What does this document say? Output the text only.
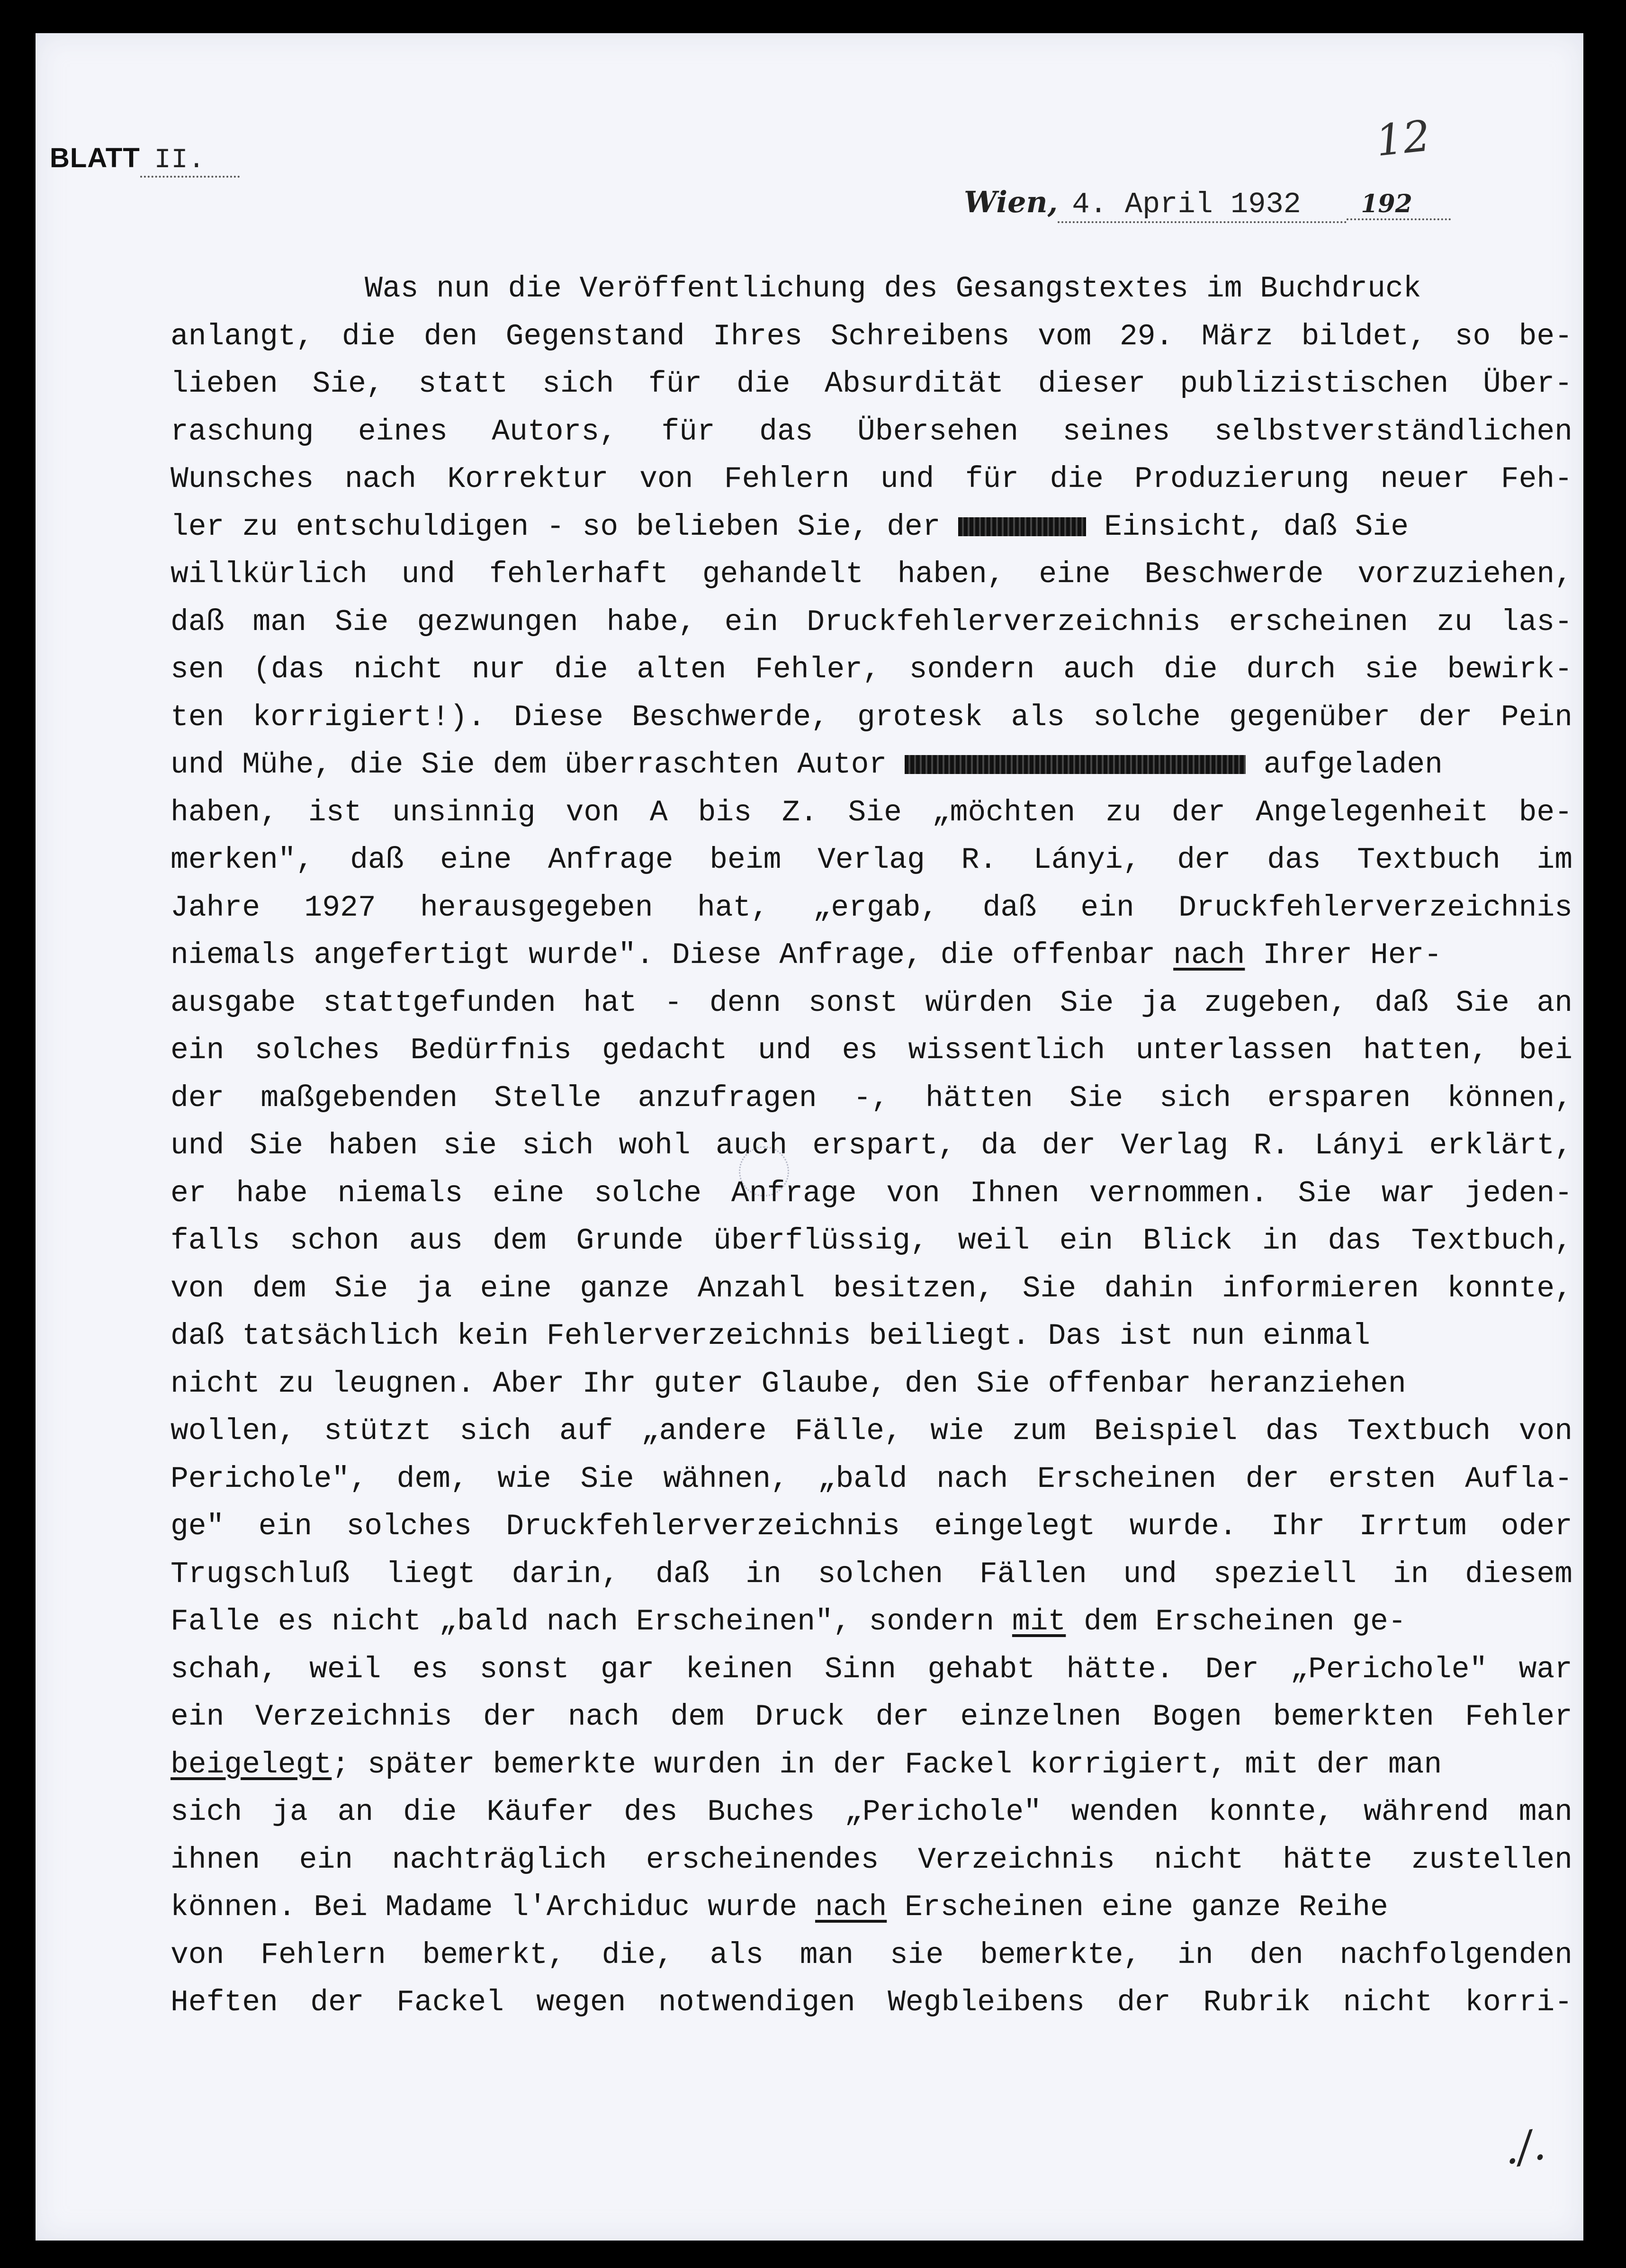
BLATT II.	12
Wien, 4. April 1932 192
Was nun die Veröffentlichung des Gesangstextes im Buchdruck
anlangt, die den Gegenstand Ihres Schreibens vom 29. März bildet, so be-
lieben Sie, statt sich für die Absurdität dieser publizistischen Über-
raschung eines Autors, für das Übersehen seines selbstverständlichen
Wunsches nach Korrektur von Fehlern und für die Produzierung neuer Feh-
ler zu entschuldigen - so belieben Sie, der	Einsicht, daß Sie
willkürlich und fehlerhaft gehandelt haben, eine Beschwerde vorzuziehen,
daß man Sie gezwungen habe, ein Druckfehlerverzeichnis erscheinen zu las-
sen (das nicht nur die alten Fehler, sondern auch die durch sie bewirk-
ten korrigiert!). Diese Beschwerde, grotesk als solche gegenüber der Pein
und Mühe, die Sie dem überraschten Autor	aufgeladen
haben, ist unsinnig von A bis Z. Sie „möchten zu der Angelegenheit be-
merken", daß eine Anfrage beim Verlag R. Lányi, der das Textbuch im
Jahre 1927 herausgegeben hat, „ergab, daß ein Druckfehlerverzeichnis
niemals angefertigt wurde". Diese Anfrage, die offenbar nach Ihrer Her-
ausgabe stattgefunden hat - denn sonst würden Sie ja zugeben, daß Sie an
ein solches Bedürfnis gedacht und es wissentlich unterlassen hatten, bei
der maßgebenden Stelle anzufragen -, hätten Sie sich ersparen können,
und Sie haben sie sich wohl auch erspart, da der Verlag R. Lányi erklärt,
er habe niemals eine solche Anfrage von Ihnen vernommen. Sie war jeden-
falls schon aus dem Grunde überflüssig, weil ein Blick in das Textbuch,
von dem Sie ja eine ganze Anzahl besitzen, Sie dahin informieren konnte,
daß tatsächlich kein Fehlerverzeichnis beiliegt. Das ist nun einmal
nicht zu leugnen. Aber Ihr guter Glaube, den Sie offenbar heranziehen
wollen, stützt sich auf „andere Fälle, wie zum Beispiel das Textbuch von
Perichole", dem, wie Sie wähnen, „bald nach Erscheinen der ersten Aufla-
ge" ein solches Druckfehlerverzeichnis eingelegt wurde. Ihr Irrtum oder
Trugschluß liegt darin, daß in solchen Fällen und speziell in diesem
Falle es nicht „bald nach Erscheinen", sondern mit dem Erscheinen ge-
schah, weil es sonst gar keinen Sinn gehabt hätte. Der „Perichole" war
ein Verzeichnis der nach dem Druck der einzelnen Bogen bemerkten Fehler
beigelegt; später bemerkte wurden in der Fackel korrigiert, mit der man
sich ja an die Käufer des Buches „Perichole" wenden konnte, während man
ihnen ein nachträglich erscheinendes Verzeichnis nicht hätte zustellen
können. Bei Madame l'Archiduc wurde nach Erscheinen eine ganze Reihe
von Fehlern bemerkt, die, als man sie bemerkte, in den nachfolgenden
Heften der Fackel wegen notwendigen Wegbleibens der Rubrik nicht korri-
./.
